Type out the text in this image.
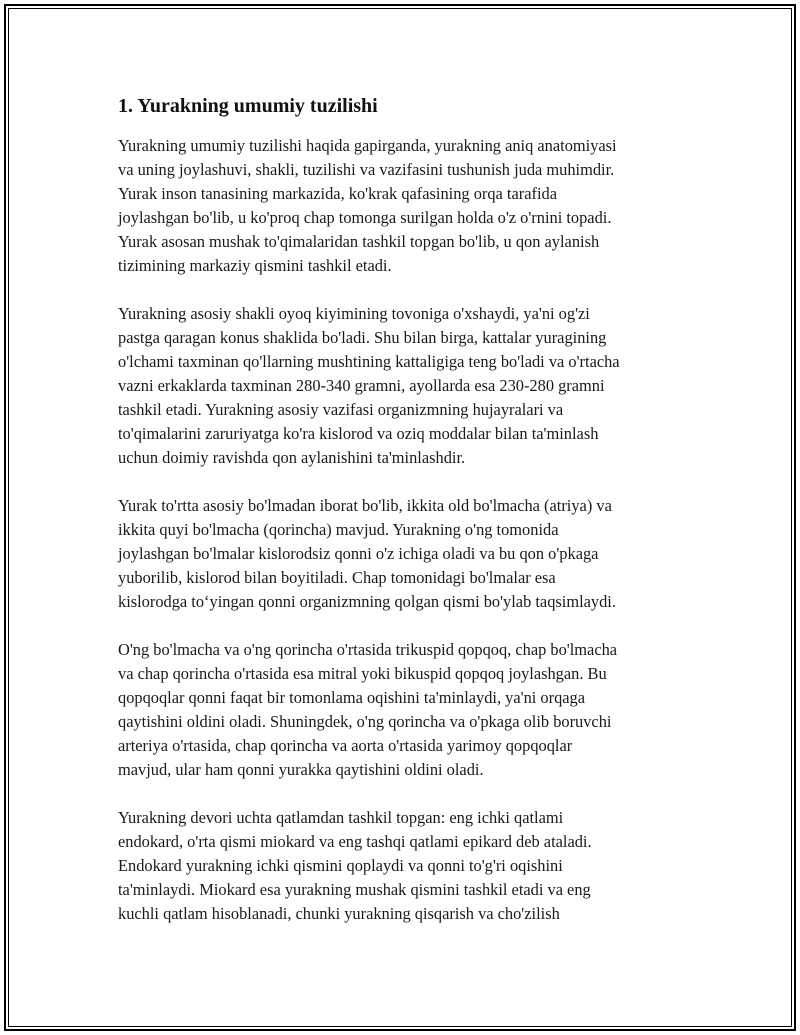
1. Yurakning umumiy tuzilishi

Yurakning umumiy tuzilishi haqida gapirganda, yurakning aniq anatomiyasi
va uning joylashuvi, shakli, tuzilishi va vazifasini tushunish juda muhimdir.
Yurak inson tanasining markazida, ko'krak qafasining orqa tarafida
joylashgan bo'lib, u ko'proq chap tomonga surilgan holda o'z o'rnini topadi.
Yurak asosan mushak to'qimalaridan tashkil topgan bo'lib, u qon aylanish
tizimining markaziy qismini tashkil etadi.

Yurakning asosiy shakli oyoq kiyimining tovoniga o'xshaydi, ya'ni og'zi
pastga qaragan konus shaklida bo'ladi. Shu bilan birga, kattalar yuragining
o'lchami taxminan qo'llarning mushtining kattaligiga teng bo'ladi va o'rtacha
vazni erkaklarda taxminan 280-340 gramni, ayollarda esa 230-280 gramni
tashkil etadi. Yurakning asosiy vazifasi organizmning hujayralari va
to'qimalarini zaruriyatga ko'ra kislorod va oziq moddalar bilan ta'minlash
uchun doimiy ravishda qon aylanishini ta'minlashdir.

Yurak to'rtta asosiy bo'lmadan iborat bo'lib, ikkita old bo'lmacha (atriya) va
ikkita quyi bo'lmacha (qorincha) mavjud. Yurakning o'ng tomonida
joylashgan bo'lmalar kislorodsiz qonni o'z ichiga oladi va bu qon o'pkaga
yuborilib, kislorod bilan boyitiladi. Chap tomonidagi bo'lmalar esa
kislorodga to‘yingan qonni organizmning qolgan qismi bo'ylab taqsimlaydi.

O'ng bo'lmacha va o'ng qorincha o'rtasida trikuspid qopqoq, chap bo'lmacha
va chap qorincha o'rtasida esa mitral yoki bikuspid qopqoq joylashgan. Bu
qopqoqlar qonni faqat bir tomonlama oqishini ta'minlaydi, ya'ni orqaga
qaytishini oldini oladi. Shuningdek, o'ng qorincha va o'pkaga olib boruvchi
arteriya o'rtasida, chap qorincha va aorta o'rtasida yarimoy qopqoqlar
mavjud, ular ham qonni yurakka qaytishini oldini oladi.

Yurakning devori uchta qatlamdan tashkil topgan: eng ichki qatlami
endokard, o'rta qismi miokard va eng tashqi qatlami epikard deb ataladi.
Endokard yurakning ichki qismini qoplaydi va qonni to'g'ri oqishini
ta'minlaydi. Miokard esa yurakning mushak qismini tashkil etadi va eng
kuchli qatlam hisoblanadi, chunki yurakning qisqarish va cho'zilish
